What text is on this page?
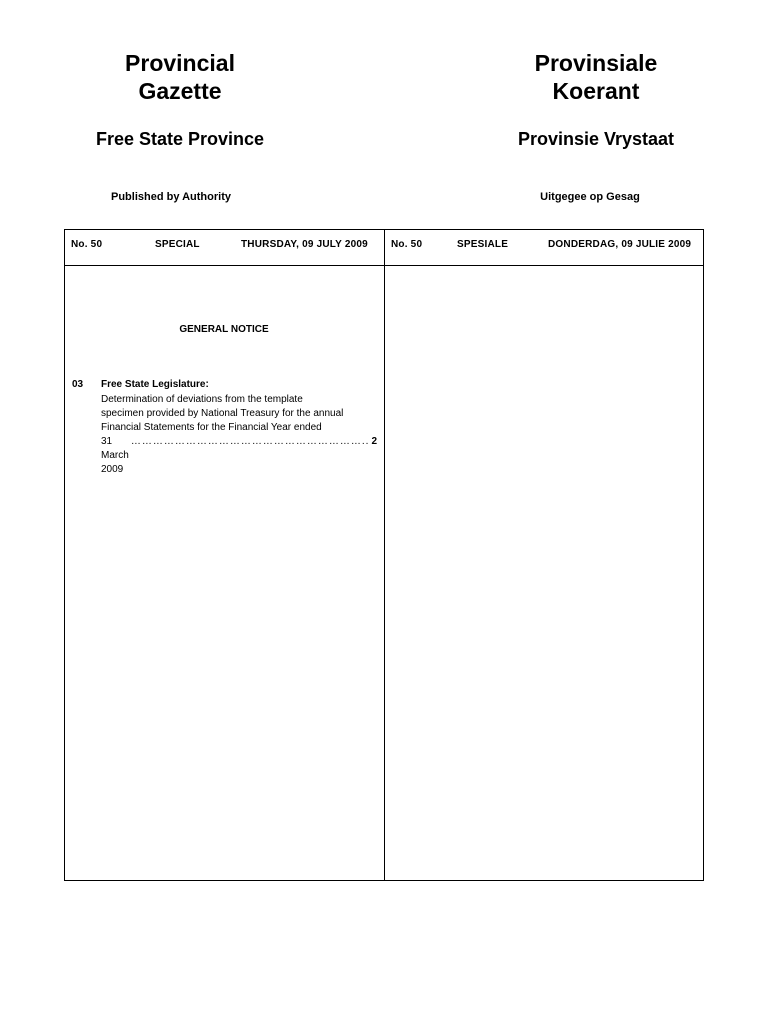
Provincial
Gazette
Provinsiale
Koerant
Free State Province	Provinsie Vrystaat
Published by Authority	Uitgegee op Gesag
No. 50	SPECIAL	THURSDAY, 09 JULY 2009 No. 50	SPESIALE	DONDERDAG, 09 JULIE 2009
GENERAL NOTICE
03 Free State Legislature:
Determination of deviations from the template
specimen provided by National Treasury for the annual
Financial Statements for the Financial Year ended
31 March 2009
……………………………………………………….. 2
